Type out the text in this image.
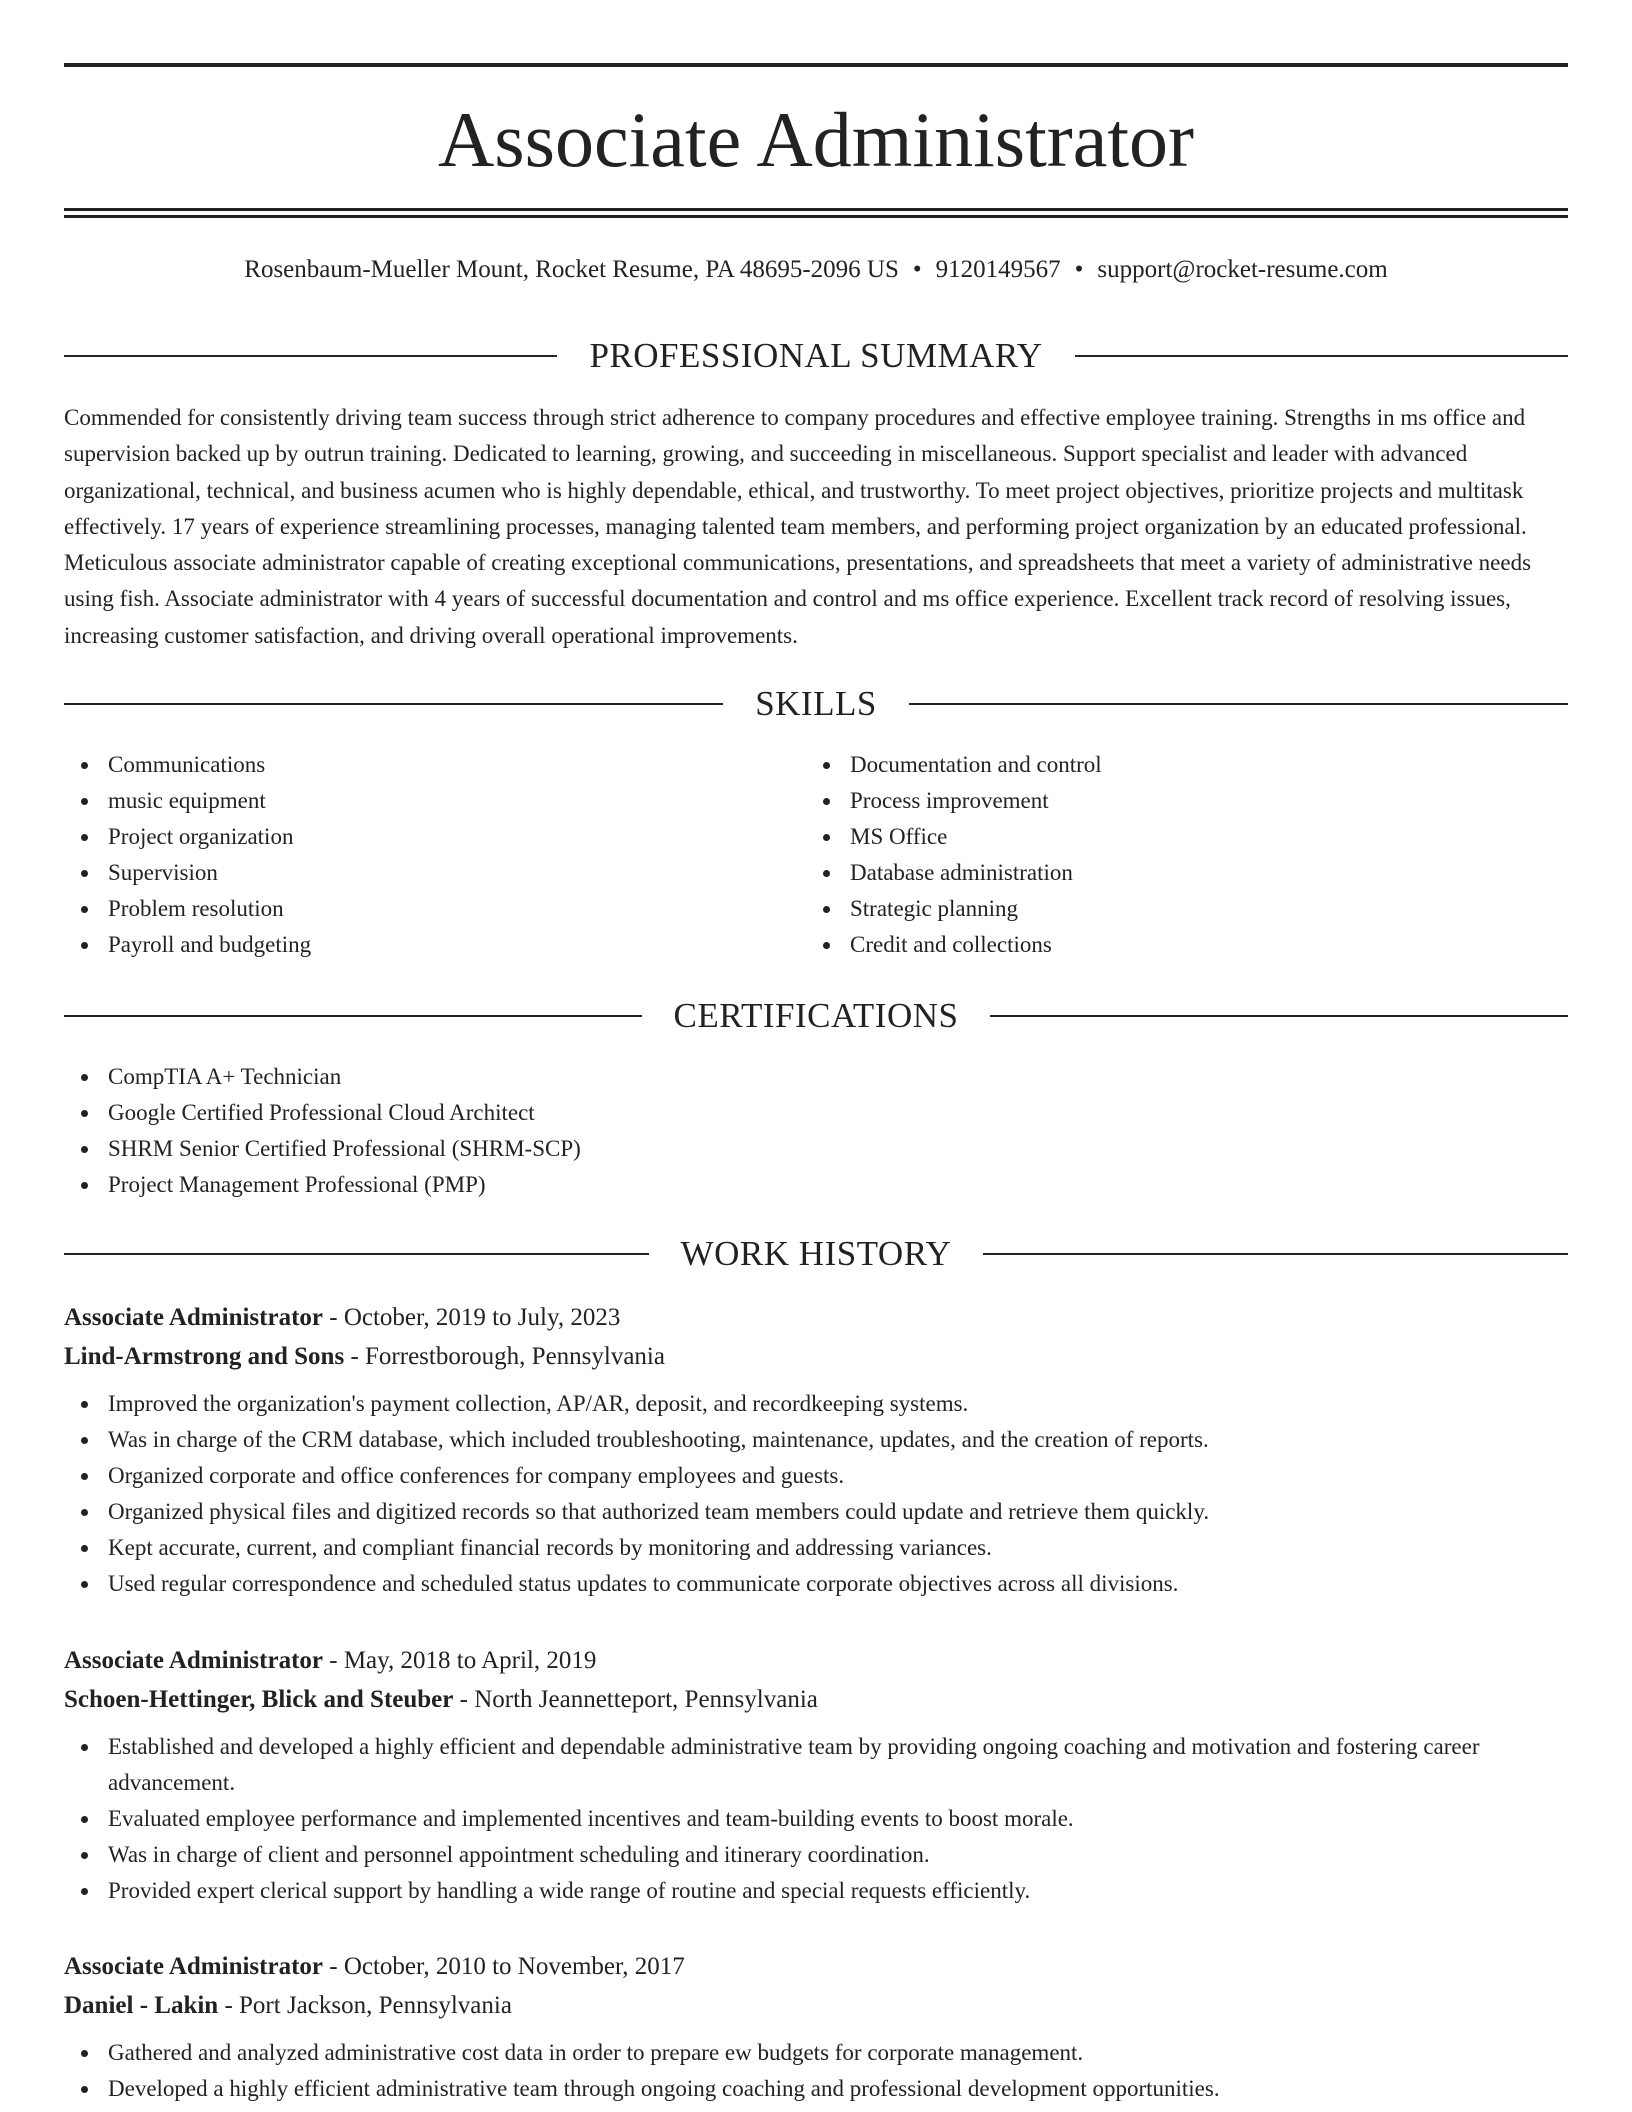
Associate Administrator
Rosenbaum-Mueller Mount, Rocket Resume, PA 48695-2096 US • 9120149567 • support@rocket-resume.com
PROFESSIONAL SUMMARY

Commended for consistently driving team success through strict adherence to company procedures and effective employee training. Strengths in ms office and supervision backed up by outrun training. Dedicated to learning, growing, and succeeding in miscellaneous. Support specialist and leader with advanced organizational, technical, and business acumen who is highly dependable, ethical, and trustworthy. To meet project objectives, prioritize projects and multitask effectively. 17 years of experience streamlining processes, managing talented team members, and performing project organization by an educated professional. Meticulous associate administrator capable of creating exceptional communications, presentations, and spreadsheets that meet a variety of administrative needs using fish. Associate administrator with 4 years of successful documentation and control and ms office experience. Excellent track record of resolving issues, increasing customer satisfaction, and driving overall operational improvements.

SKILLS
Communications
music equipment
Project organization
Supervision
Problem resolution
Payroll and budgeting
Documentation and control
Process improvement
MS Office
Database administration
Strategic planning
Credit and collections
CERTIFICATIONS
CompTIA A+ Technician
Google Certified Professional Cloud Architect
SHRM Senior Certified Professional (SHRM-SCP)
Project Management Professional (PMP)
WORK HISTORY

Associate Administrator - October, 2019 to July, 2023

Lind-Armstrong and Sons - Forrestborough, Pennsylvania

Improved the organization's payment collection, AP/AR, deposit, and recordkeeping systems.
Was in charge of the CRM database, which included troubleshooting, maintenance, updates, and the creation of reports.
Organized corporate and office conferences for company employees and guests.
Organized physical files and digitized records so that authorized team members could update and retrieve them quickly.
Kept accurate, current, and compliant financial records by monitoring and addressing variances.
Used regular correspondence and scheduled status updates to communicate corporate objectives across all divisions.

Associate Administrator - May, 2018 to April, 2019

Schoen-Hettinger, Blick and Steuber - North Jeannetteport, Pennsylvania

Established and developed a highly efficient and dependable administrative team by providing ongoing coaching and motivation and fostering career advancement.
Evaluated employee performance and implemented incentives and team-building events to boost morale.
Was in charge of client and personnel appointment scheduling and itinerary coordination.
Provided expert clerical support by handling a wide range of routine and special requests efficiently.

Associate Administrator - October, 2010 to November, 2017

Daniel - Lakin - Port Jackson, Pennsylvania

Gathered and analyzed administrative cost data in order to prepare ew budgets for corporate management.
Developed a highly efficient administrative team through ongoing coaching and professional development opportunities.
